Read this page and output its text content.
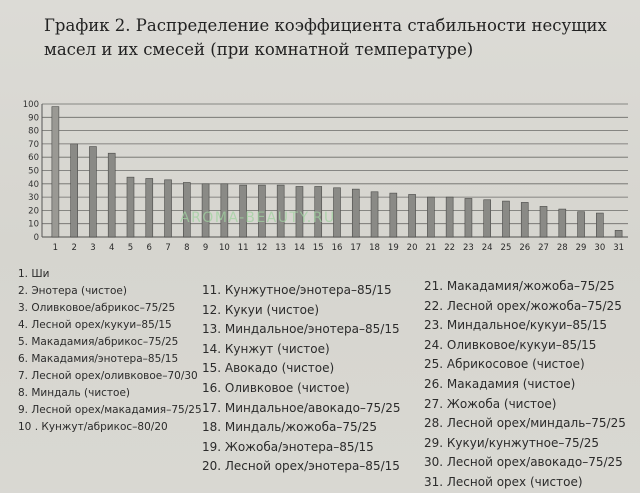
График 2. Распределение коэффициента стабильности несущих масел и их смесей (при комнатной температуре)
0
10
20
30
40
50
60
70
80
90
100
1 2 3 4 5 6 7 8 9 10 11 12 13 14 15 16 17 18 19 20 21 22 23 24 25 26 27 28 29 30 31
AROMA-BEAUTY.RU
1. Ши
2. Энотера (чистое)
3. Оливковое/абрикос–75/25
4. Лесной орех/кукуи–85/15
5. Макадамия/абрикос–75/25
6. Макадамия/энотера–85/15
7. Лесной орех/оливковое–70/30
8. Миндаль (чистое)
9. Лесной орех/макадамия–75/25
10 . Кунжут/абрикос–80/20
11. Кунжутное/энотера–85/15
12. Кукуи (чистое)
13. Миндальное/энотера–85/15
14. Кунжут (чистое)
15. Авокадо (чистое)
16. Оливковое (чистое)
17. Миндальное/авокадо–75/25
18. Миндаль/жожоба–75/25
19. Жожоба/энотера–85/15
20. Лесной орех/энотера–85/15
21. Макадамия/жожоба–75/25
22. Лесной орех/жожоба–75/25
23. Миндальное/кукуи–85/15
24. Оливковое/кукуи–85/15
25. Абрикосовое (чистое)
26. Макадамия (чистое)
27. Жожоба (чистое)
28. Лесной орех/миндаль–75/25
29. Кукуи/кунжутное–75/25
30. Лесной орех/авокадо–75/25
31. Лесной орех (чистое)
